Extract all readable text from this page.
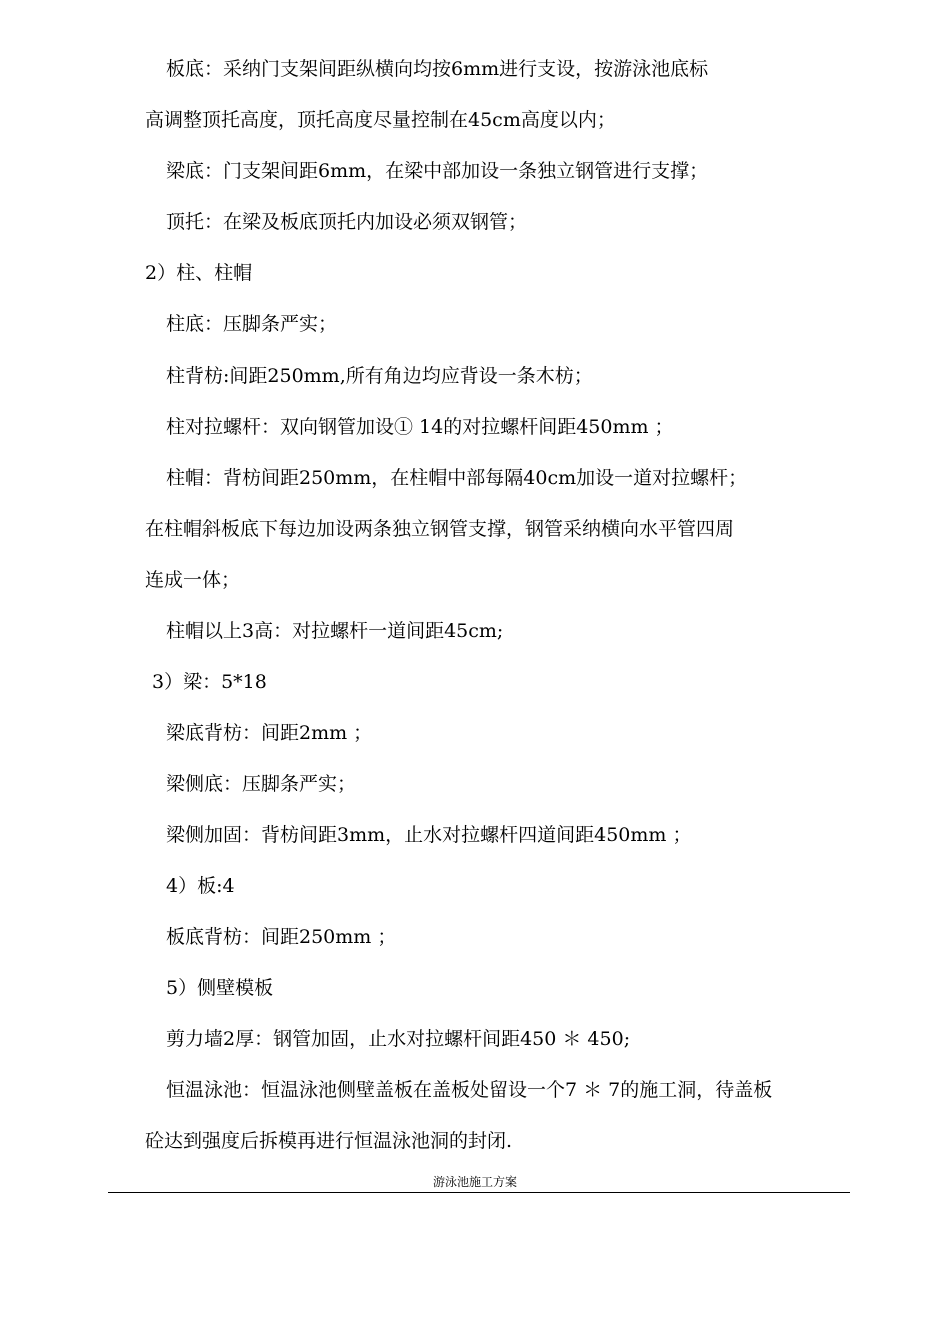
板底：采纳门支架间距纵横向均按6mm进行支设，按游泳池底标
高调整顶托高度，顶托高度尽量控制在45cm高度以内；
梁底：门支架间距6mm，在梁中部加设一条独立钢管进行支撑；
顶托：在梁及板底顶托内加设必须双钢管；
2）柱、柱帽
柱底：压脚条严实；
柱背枋:间距250mm,所有角边均应背设一条木枋；
柱对拉螺杆：双向钢管加设① 14的对拉螺杆间距450mm ；
柱帽：背枋间距250mm，在柱帽中部每隔40cm加设一道对拉螺杆；
在柱帽斜板底下每边加设两条独立钢管支撑，钢管采纳横向水平管四周
连成一体；
柱帽以上3高：对拉螺杆一道间距45cm;
3）梁：5*18
梁底背枋：间距2mm ；
梁侧底：压脚条严实；
梁侧加固：背枋间距3mm，止水对拉螺杆四道间距450mm ；
4）板:4
板底背枋：间距250mm ；
5）侧壁模板
剪力墙2厚：钢管加固，止水对拉螺杆间距450 ＊ 450;
恒温泳池：恒温泳池侧壁盖板在盖板处留设一个7 ＊ 7的施工洞，待盖板
砼达到强度后拆模再进行恒温泳池洞的封闭.
游泳池施工方案
